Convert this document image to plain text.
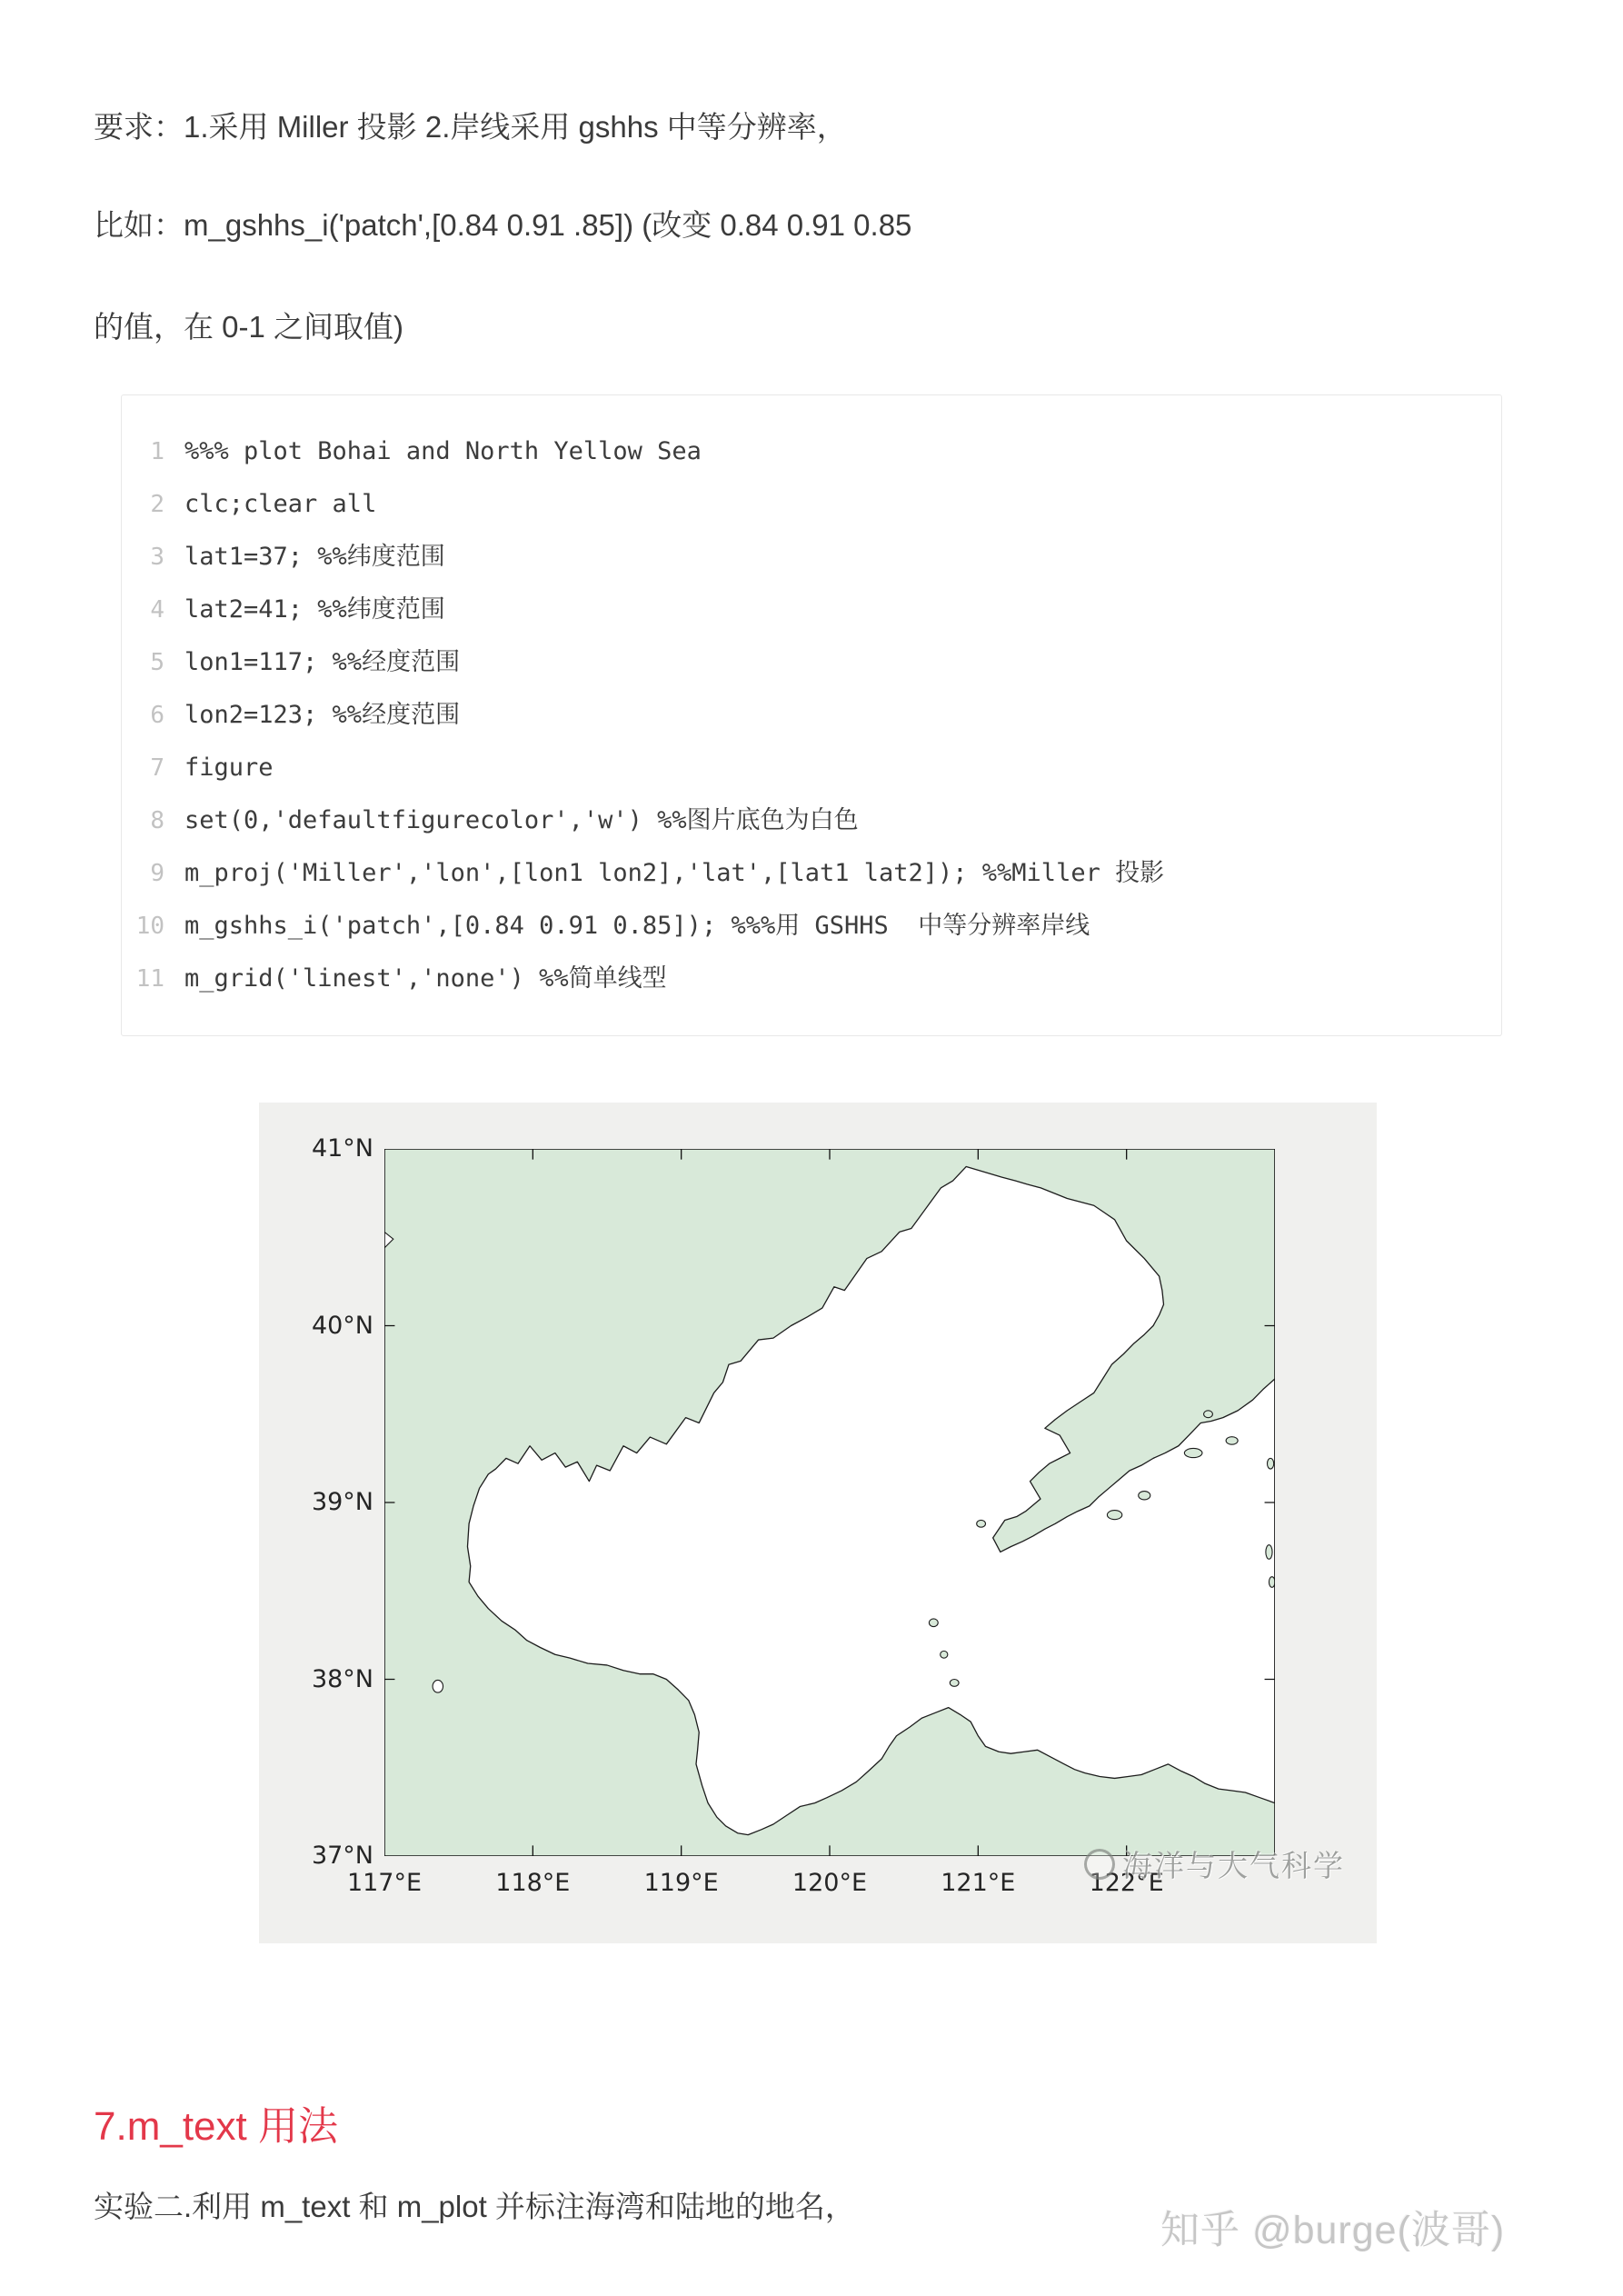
要求：1.采用 Miller 投影 2.岸线采用 gshhs 中等分辨率，

比如：m_gshhs_i('patch',[0.84 0.91 .85]) (改变 0.84 0.91 0.85

的值，在 0-1 之间取值)

1 %%% plot Bohai and North Yellow Sea
2 clc;clear all
3 lat1=37; %%纬度范围
4 lat2=41; %%纬度范围
5 lon1=117; %%经度范围
6 lon2=123; %%经度范围
7 figure
8 set(0,'defaultfigurecolor','w') %%图片底色为白色
9 m_proj('Miller','lon',[lon1 lon2],'lat',[lat1 lat2]); %%Miller 投影
10 m_gshhs_i('patch',[0.84 0.91 0.85]); %%%用 GSHHS  中等分辨率岸线
11 m_grid('linest','none') %%简单线型
41°N
40°N
39°N
38°N
37°N
117°E	118°E	119°E	120°E	121°E	122°E
海洋与大气科学
7.m_text 用法

实验二.利用 m_text 和 m_plot 并标注海湾和陆地的地名，

知乎 @burge(波哥)
